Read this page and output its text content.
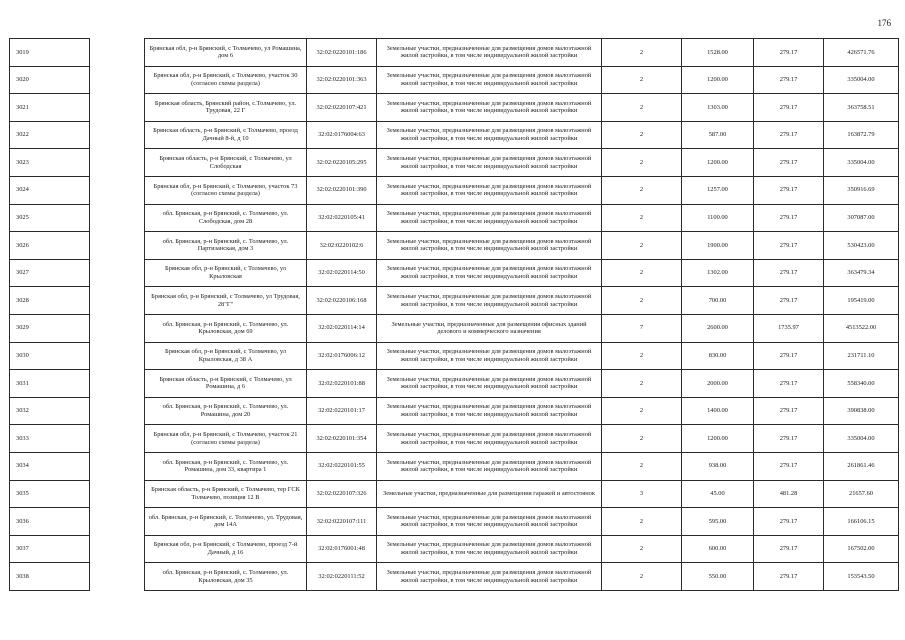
176
3019		Брянская обл, р-н Брянский, с Толмачево, ул Ромашина, дом 6	32:02:0220101:186	Земельные участки, предназначенные для размещения домов малоэтажной жилой застройки, в том числе индивидуальной жилой застройки	2	1528.00	279.17	426571.76
3020		Брянская обл, р-н Брянский, с Толмачево, участок 30 (согласно схемы раздела)	32:02:0220101:363	Земельные участки, предназначенные для размещения домов малоэтажной жилой застройки, в том числе индивидуальной жилой застройки	2	1200.00	279.17	335004.00
3021		Брянская область, Брянский район, с.Толмачево, ул. Трудовая, 22 Г	32:02:0220107:421	Земельные участки, предназначенные для размещения домов малоэтажной жилой застройки, в том числе индивидуальной жилой застройки	2	1303.00	279.17	363758.51
3022		Брянская область, р-н Брянский, с Толмачево, проезд Дачный 8-й, д 10	32:02:0176004:63	Земельные участки, предназначенные для размещения домов малоэтажной жилой застройки, в том числе индивидуальной жилой застройки	2	587.00	279.17	163872.79
3023		Брянская область, р-н Брянский, с Толмачево, ул Слободская	32:02:0220105:295	Земельные участки, предназначенные для размещения домов малоэтажной жилой застройки, в том числе индивидуальной жилой застройки	2	1200.00	279.17	335004.00
3024		Брянская обл, р-н Брянский, с Толмачево, участок 73 (согласно схемы раздела)	32:02:0220101:390	Земельные участки, предназначенные для размещения домов малоэтажной жилой застройки, в том числе индивидуальной жилой застройки	2	1257.00	279.17	350916.69
3025		обл. Брянская, р-н Брянский, с. Толмачево, ул. Слободская, дом 28	32:02:0220105:41	Земельные участки, предназначенные для размещения домов малоэтажной жилой застройки, в том числе индивидуальной жилой застройки	2	1100.00	279.17	307087.00
3026		обл. Брянская, р-н Брянский, с. Толмачево, ул. Партизанская, дом 3	32:02:0220102:6	Земельные участки, предназначенные для размещения домов малоэтажной жилой застройки, в том числе индивидуальной жилой застройки	2	1900.00	279.17	530423.00
3027		Брянская обл, р-н Брянский, с Толмачево, ул Крыловская	32:02:0220114:50	Земельные участки, предназначенные для размещения домов малоэтажной жилой застройки, в том числе индивидуальной жилой застройки	2	1302.00	279.17	363479.34
3028		Брянская обл, р-н Брянский, с Толмачево, ул Трудовая, 28"Г"	32:02:0220106:168	Земельные участки, предназначенные для размещения домов малоэтажной жилой застройки, в том числе индивидуальной жилой застройки	2	700.00	279.17	195419.00
3029		обл. Брянская, р-н Брянский, с. Толмачево, ул. Крыловская, дом 69	32:02:0220114:14	Земельные участки, предназначенные для размещения офисных зданий делового и коммерческого назначения	7	2600.00	1735.97	4513522.00
3030		Брянская обл, р-н Брянский, с Толмачево, ул Крыловская, д 38 А	32:02:0176006:12	Земельные участки, предназначенные для размещения домов малоэтажной жилой застройки, в том числе индивидуальной жилой застройки	2	830.00	279.17	231711.10
3031		Брянская область, р-н Брянский, с Толмачево, ул Ромашина, д 6	32:02:0220101:88	Земельные участки, предназначенные для размещения домов малоэтажной жилой застройки, в том числе индивидуальной жилой застройки	2	2000.00	279.17	558340.00
3032		обл. Брянская, р-н Брянский, с. Толмачево, ул. Ромашина, дом 20	32:02:0220101:17	Земельные участки, предназначенные для размещения домов малоэтажной жилой застройки, в том числе индивидуальной жилой застройки	2	1400.00	279.17	390838.00
3033		Брянская обл, р-н Брянский, с Толмачево, участок 21 (согласно схемы раздела)	32:02:0220101:354	Земельные участки, предназначенные для размещения домов малоэтажной жилой застройки, в том числе индивидуальной жилой застройки	2	1200.00	279.17	335004.00
3034		обл. Брянская, р-н Брянский, с. Толмачево, ул. Ромашина, дом 33, квартира 1	32:02:0220101:55	Земельные участки, предназначенные для размещения домов малоэтажной жилой застройки, в том числе индивидуальной жилой застройки	2	938.00	279.17	261861.46
3035		Брянская область, р-н Брянский, с Толмачево, тер ГСК Толмачево, позиция 12 В	32:02:0220107:326	Земельные участки, предназначенные для размещения гаражей и автостоянок	3	45.00	481.28	21657.60
3036		обл. Брянская, р-н Брянский, с. Толмачево, ул. Трудовая, дом 14А	32:02:0220107:111	Земельные участки, предназначенные для размещения домов малоэтажной жилой застройки, в том числе индивидуальной жилой застройки	2	595.00	279.17	166106.15
3037		Брянская обл, р-н Брянский, с Толмачево, проезд 7-й Дачный, д 16	32:02:0176001:48	Земельные участки, предназначенные для размещения домов малоэтажной жилой застройки, в том числе индивидуальной жилой застройки	2	600.00	279.17	167502.00
3038		обл. Брянская, р-н Брянский, с. Толмачево, ул. Крыловская, дом 35	32:02:0220111:52	Земельные участки, предназначенные для размещения домов малоэтажной жилой застройки, в том числе индивидуальной жилой застройки	2	550.00	279.17	153543.50
